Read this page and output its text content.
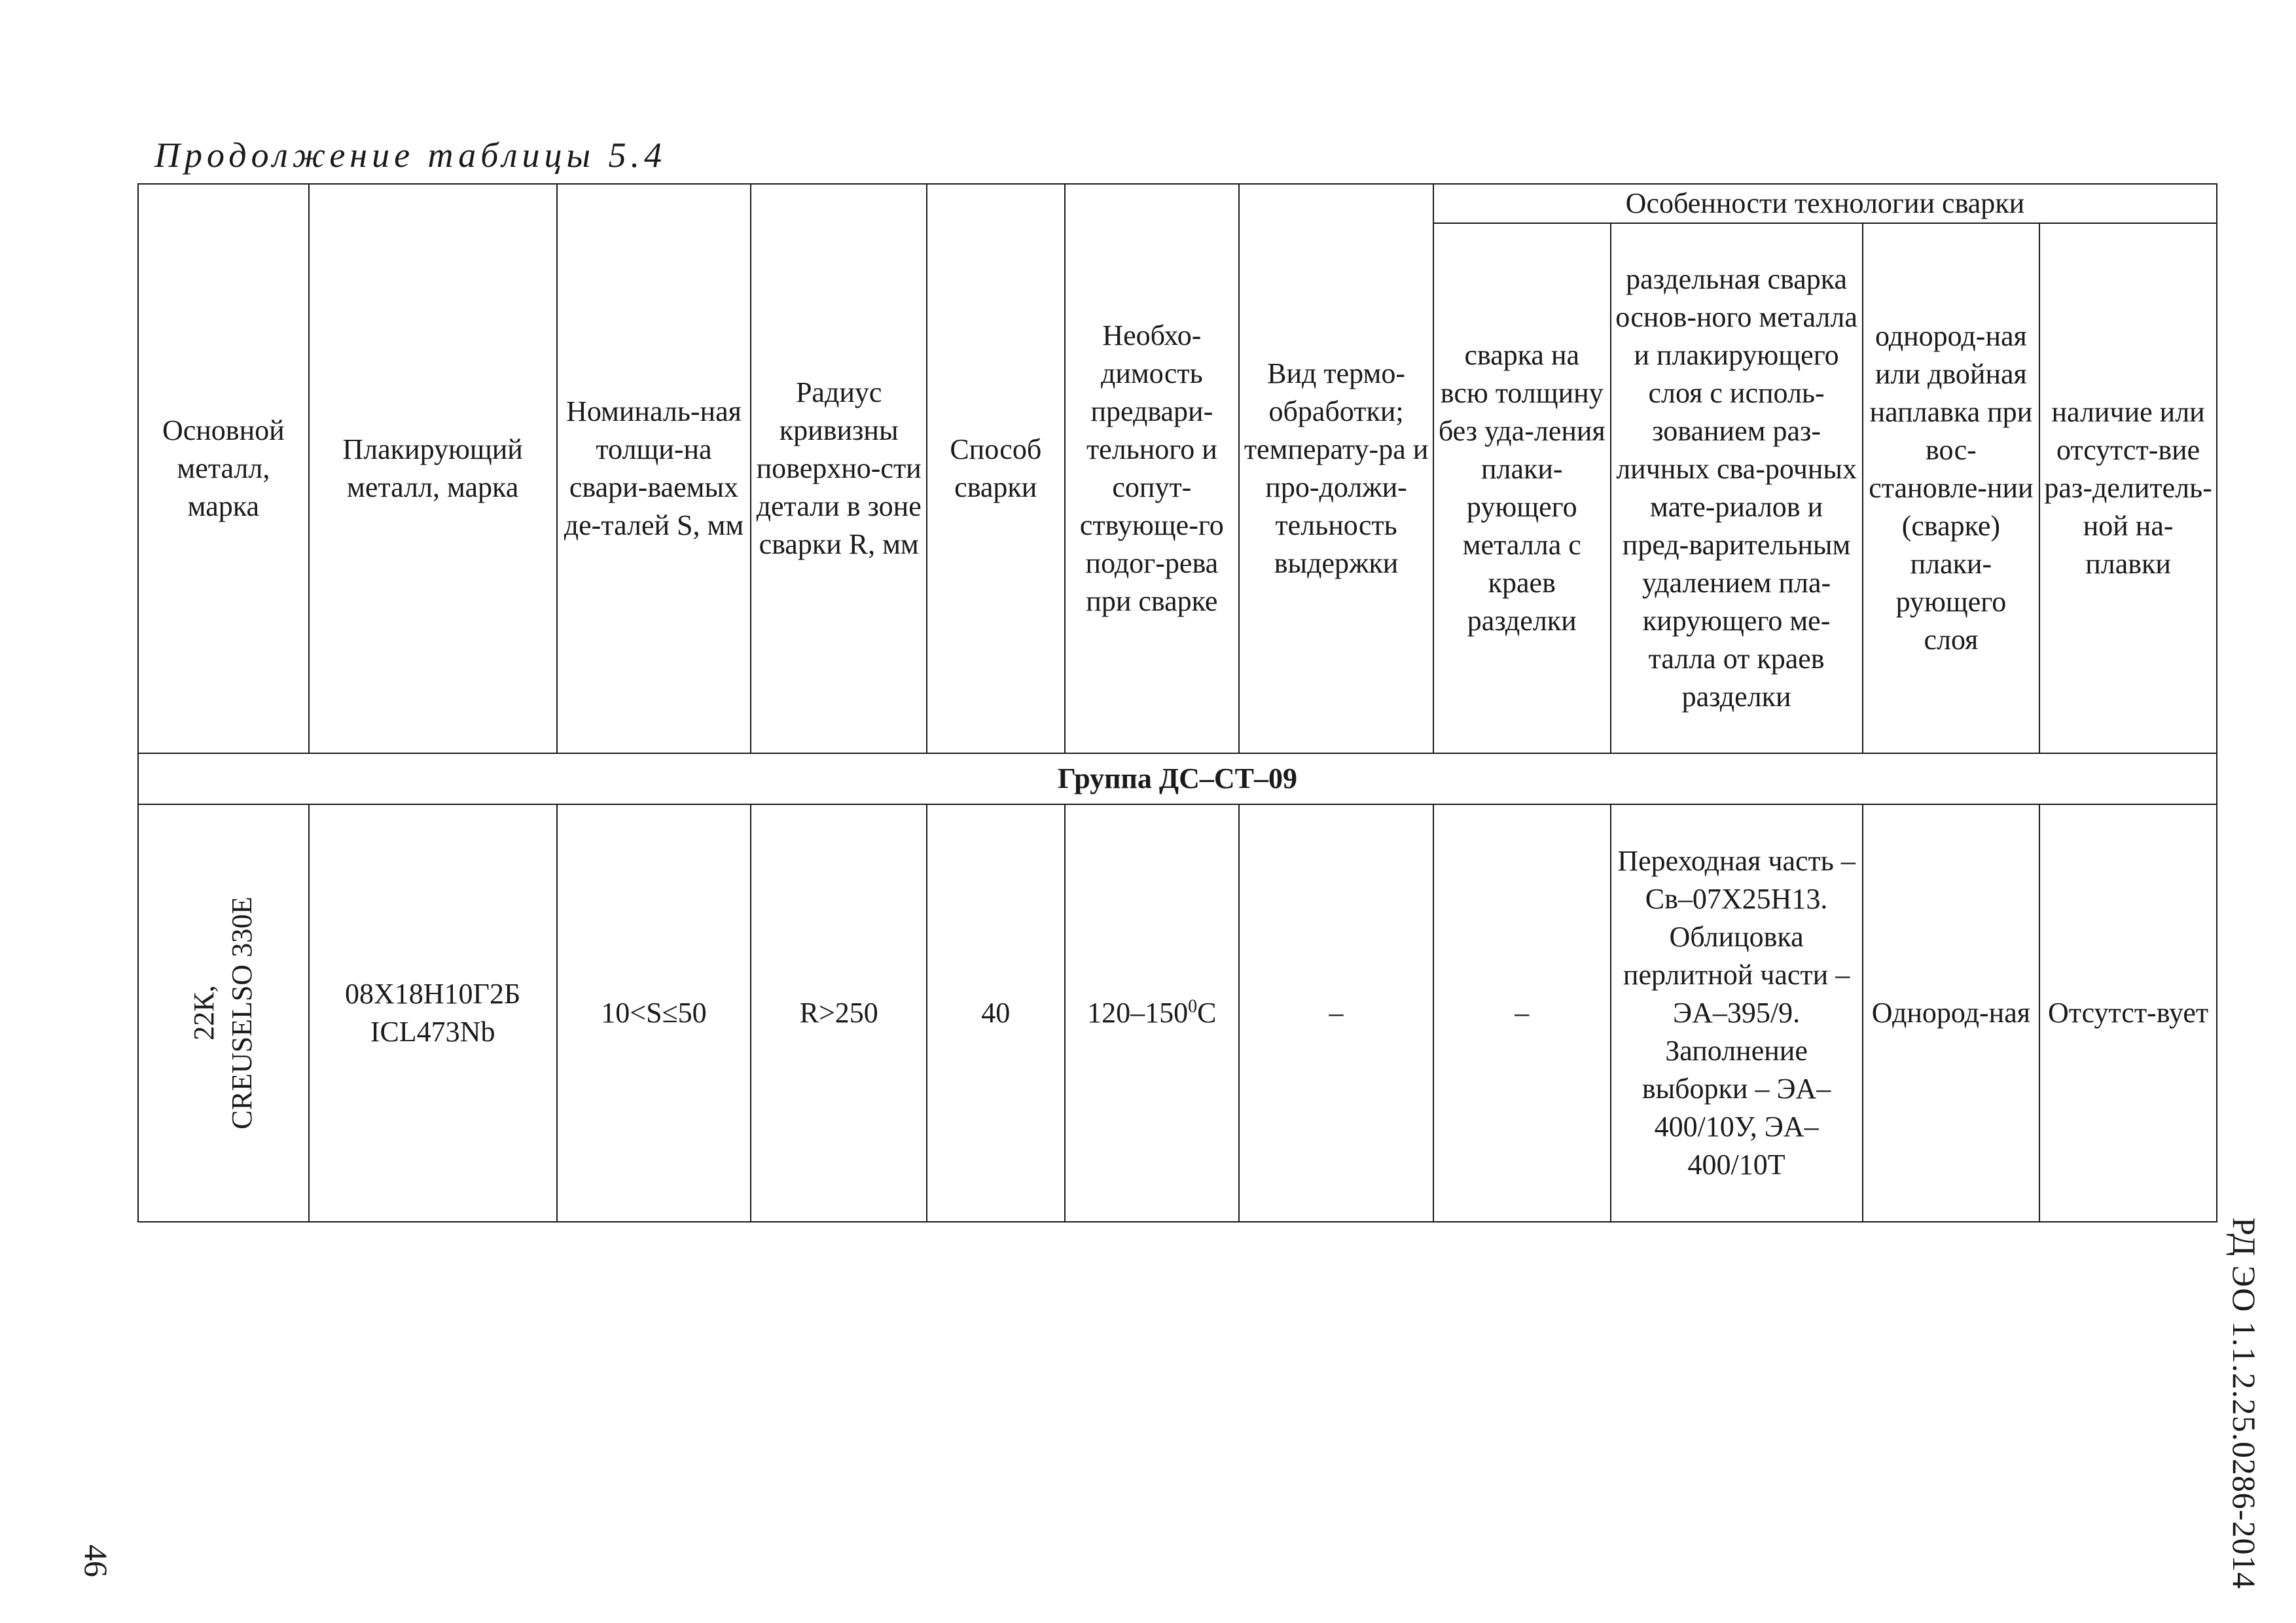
Продолжение таблицы 5.4
Основной металл, марка	Плакирующий металл, марка	Номиналь-ная толщи-на свари-ваемых де-талей S, мм	Радиус кривизны поверхно-сти детали в зоне сварки R, мм	Способ сварки	Необхо-димость предвари-тельного и сопут-ствующе-го подог-рева при сварке	Вид термо-обработки; температу-ра и про-должи-тельность выдержки	Особенности технологии сварки			
							сварка на всю толщину без уда-ления плаки-рующего металла с краев разделки	раздельная сварка основ-ного металла и плакирующего слоя с исполь-зованием раз-личных сва-рочных мате-риалов и пред-варительным удалением пла-кирующего ме-талла от краев разделки	однород-ная или двойная наплавка при вос-становле-нии (сварке) плаки-рующего слоя	наличие или отсутст-вие раз-делитель-ной на-плавки
Группа ДС–СТ–09										

22К, CREUSELSO 330E	08Х18Н10Г2Б ICL473Nb	10<S≤50	R>250	40	$120-150^0С$	–	–	Переходная часть – Св–07Х25Н13. Облицовка перлитной части – ЭА–395/9. Заполнение выборки – ЭА–400/10У, ЭА–400/10Т	Однород-ная	Отсутст-вует
РД ЭО 1.1.2.25.0286-2014
46
